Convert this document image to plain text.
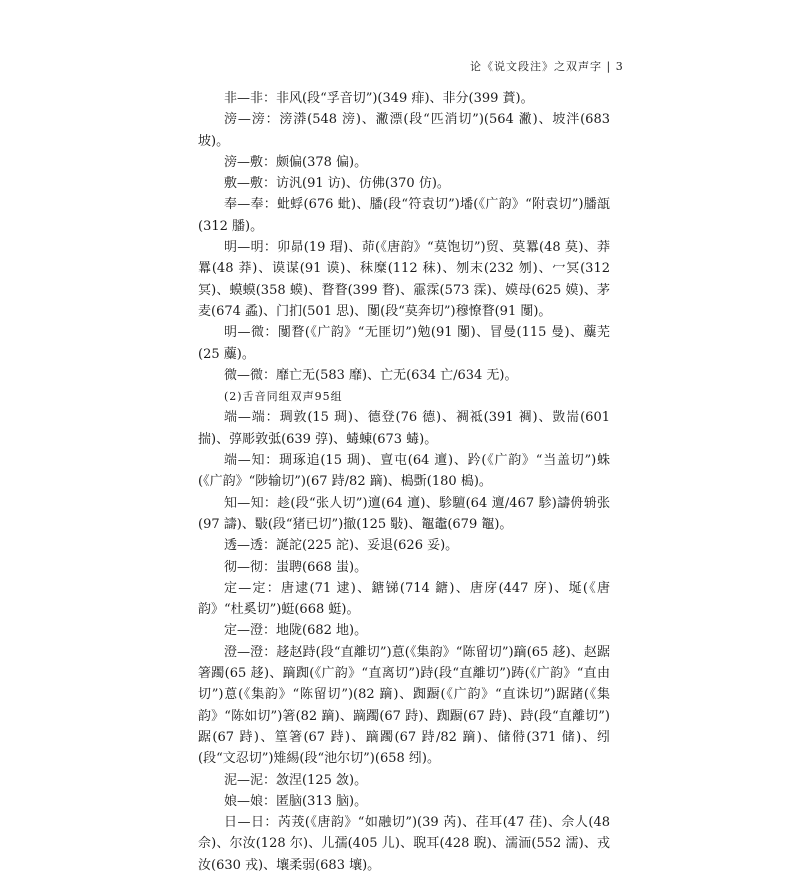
论《说文段注》之双声字 | 3

非—非：非风(段“孚音切”)(349 痱)、非分(399 蕡)。

滂—滂：滂漭(548 滂)、潎漂(段“匹消切”)(564 潎)、坡泮(683 坡)。

滂—敷：颇偏(378 偏)。

敷—敷：访汎(91 访)、仿佛(370 仿)。

奉—奉：蚍蜉(676 蚍)、膰(段“符袁切”)墦(《广韵》“附袁切”)膰瓿(312 膰)。

明—明：卯昴(19 瑁)、茆(《唐韵》“莫饱切”)贸、莫羃(48 莫)、莽羃(48 莽)、谟谋(91 谟)、秣糜(112 秣)、刎末(232 刎)、冖冥(312 冥)、蟆蟆(358 蟆)、瞀瞀(399 瞀)、霢霂(573 霂)、嫫母(625 嫫)、茅麦(674 蟊)、门扪(501 思)、闅(段“莫奔切”)穆憭瞀(91 闅)。

明—微：闅瞀(《广韵》“无匪切”)勉(91 闅)、冒曼(115 曼)、蘪芜(25 蘪)。

微—微：靡亡无(583 靡)、亡无(634 亡/634 无)。

(2)舌音同组双声95组

端—端：琱敦(15 琱)、德登(76 德)、裯祗(391 裯)、敳耑(601 揣)、弴彫敦弤(639 弴)、蝳蝀(673 蝳)。

端—知：琱琢追(15 琱)、亶屯(64 邅)、趻(《广韵》“当盖切”)蛛(《广韵》“陟输切”)(67 跱/82 蹢)、槝斲(180 槝)。

知—知：趁(段“张人切”)邅(64 邅)、駗驙(64 邅/467 駗)譸侜辀张(97 譸)、斀(段“猪已切”)撤(125 斀)、鼅鼄(679 鼅)。

透—透：誕詑(225 詑)、妥退(626 妥)。

彻—彻：蚩聘(668 蚩)。

定—定：唐逮(71 逮)、鎕锑(714 鎕)、唐庌(447 庌)、埏(《唐韵》“杜奚切”)蜓(668 蜓)。

定—澄：地陇(682 地)。

澄—澄：趍赵跱(段“直離切”)蒠(《集韵》“陈留切”)蹢(65 趍)、赵踞箸躅(65 趍)、蹢踟(《广韵》“直离切”)跱(段“直離切”)踌(《广韵》“直由切”)蒠(《集韵》“陈留切”)(82 蹢)、踟蹰(《广韵》“直诛切”)踞踷(《集韵》“陈如切”)箸(82 蹢)、蹢躅(67 跱)、踟蹰(67 跱)、跱(段“直離切”)踞(67 跱)、篁箸(67 跱)、蹢躅(67 跱/82 蹢)、储偫(371 储)、纼(段“文忍切”)雉緆(段“池尔切”)(658 纼)。

泥—泥：敜涅(125 敜)。

娘—娘：匿脑(313 脑)。

日—日：芮茙(《唐韵》“如融切”)(39 芮)、荏耳(47 荏)、佘人(48 佘)、尔汝(128 尔)、儿孺(405 儿)、聣耳(428 聣)、濡洏(552 濡)、戎汝(630 戎)、壤柔弱(683 壤)。
